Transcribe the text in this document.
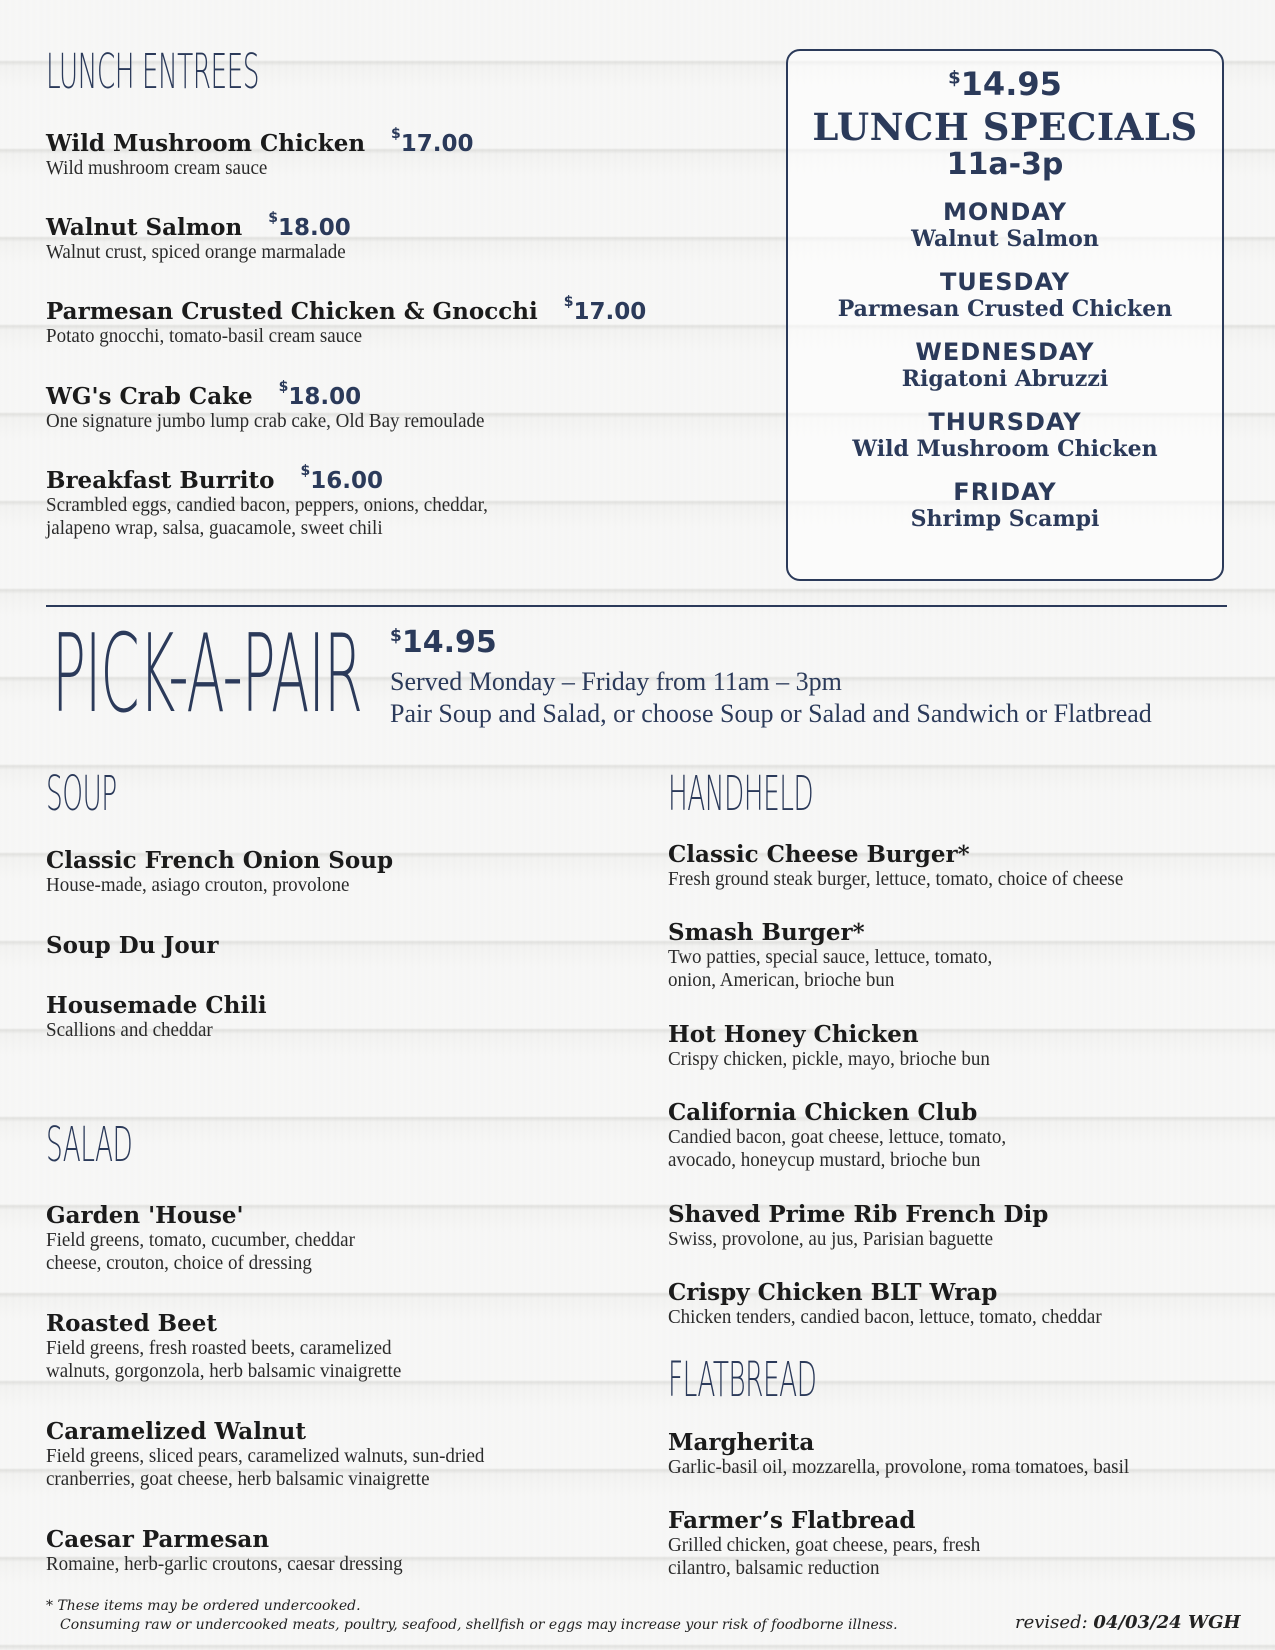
LUNCH ENTREES
Wild Mushroom Chicken $17.00
Wild mushroom cream sauce
Walnut Salmon $18.00
Walnut crust, spiced orange marmalade
Parmesan Crusted Chicken & Gnocchi $17.00
Potato gnocchi, tomato-basil cream sauce
WG's Crab Cake $18.00
One signature jumbo lump crab cake, Old Bay remoulade
Breakfast Burrito $16.00
Scrambled eggs, candied bacon, peppers, onions, cheddar,
jalapeno wrap, salsa, guacamole, sweet chili
$14.95
LUNCH SPECIALS
11a-3p
MONDAY
Walnut Salmon
TUESDAY
Parmesan Crusted Chicken
WEDNESDAY
Rigatoni Abruzzi
THURSDAY
Wild Mushroom Chicken
FRIDAY
Shrimp Scampi
PICK-A-PAIR $14.95
Served Monday – Friday from 11am – 3pm
Pair Soup and Salad, or choose Soup or Salad and Sandwich or Flatbread
SOUP
Classic French Onion Soup
House-made, asiago crouton, provolone
Soup Du Jour
Housemade Chili
Scallions and cheddar
SALAD
Garden 'House'
Field greens, tomato, cucumber, cheddar
cheese, crouton, choice of dressing
Roasted Beet
Field greens, fresh roasted beets, caramelized
walnuts, gorgonzola, herb balsamic vinaigrette
Caramelized Walnut
Field greens, sliced pears, caramelized walnuts, sun-dried
cranberries, goat cheese, herb balsamic vinaigrette
Caesar Parmesan
Romaine, herb-garlic croutons, caesar dressing
HANDHELD
Classic Cheese Burger*
Fresh ground steak burger, lettuce, tomato, choice of cheese
Smash Burger*
Two patties, special sauce, lettuce, tomato,
onion, American, brioche bun
Hot Honey Chicken
Crispy chicken, pickle, mayo, brioche bun
California Chicken Club
Candied bacon, goat cheese, lettuce, tomato,
avocado, honeycup mustard, brioche bun
Shaved Prime Rib French Dip
Swiss, provolone, au jus, Parisian baguette
Crispy Chicken BLT Wrap
Chicken tenders, candied bacon, lettuce, tomato, cheddar
FLATBREAD
Margherita
Garlic-basil oil, mozzarella, provolone, roma tomatoes, basil
Farmer’s Flatbread
Grilled chicken, goat cheese, pears, fresh
cilantro, balsamic reduction
* These items may be ordered undercooked.
Consuming raw or undercooked meats, poultry, seafood, shellfish or eggs may increase your risk of foodborne illness.	revised: 04/03/24 WGH
